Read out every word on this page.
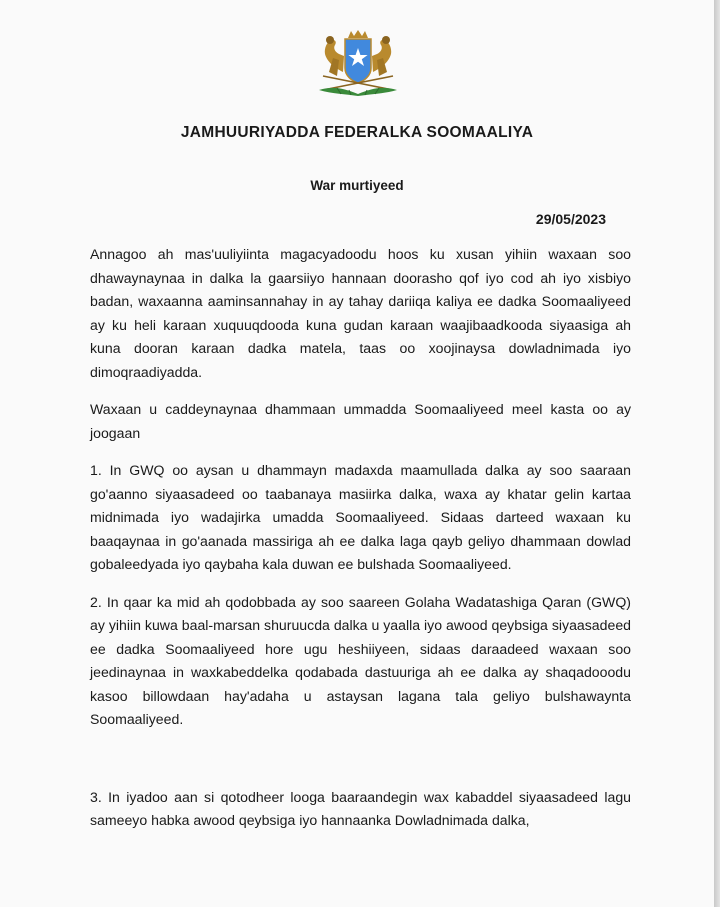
JAMHUURIYADDA FEDERALKA SOOMAALIYA
War murtiyeed
29/05/2023

Annagoo ah mas'uuliyiinta magacyadoodu hoos ku xusan yihiin waxaan soo dhawaynaynaa in dalka la gaarsiiyo hannaan doorasho qof iyo cod ah iyo xisbiyo badan, waxaanna aaminsannahay in ay tahay dariiqa kaliya ee dadka Soomaaliyeed ay ku heli karaan xuquuqdooda kuna gudan karaan waajibaadkooda siyaasiga ah kuna dooran karaan dadka matela, taas oo xoojinaysa dowladnimada iyo dimoqraadiyadda.

Waxaan u caddeynaynaa dhammaan ummadda Soomaaliyeed meel kasta oo ay joogaan

1. In GWQ oo aysan u dhammayn madaxda maamullada dalka ay soo saaraan go'aanno siyaasadeed oo taabanaya masiirka dalka, waxa ay khatar gelin kartaa midnimada iyo wadajirka umadda Soomaaliyeed. Sidaas darteed waxaan ku baaqaynaa in go'aanada massiriga ah ee dalka laga qayb geliyo dhammaan dowlad gobaleedyada iyo qaybaha kala duwan ee bulshada Soomaaliyeed.

2. In qaar ka mid ah qodobbada ay soo saareen Golaha Wadatashiga Qaran (GWQ) ay yihiin kuwa baal-marsan shuruucda dalka u yaalla iyo awood qeybsiga siyaasadeed ee dadka Soomaaliyeed hore ugu heshiiyeen, sidaas daraadeed waxaan soo jeedinaynaa in waxkabeddelka qodabada dastuuriga ah ee dalka ay shaqadooodu kasoo billowdaan hay'adaha u astaysan lagana tala geliyo bulshawaynta Soomaaliyeed.

3. In iyadoo aan si qotodheer looga baaraandegin wax kabaddel siyaasadeed lagu sameeyo habka awood qeybsiga iyo hannaanka Dowladnimada dalka,
